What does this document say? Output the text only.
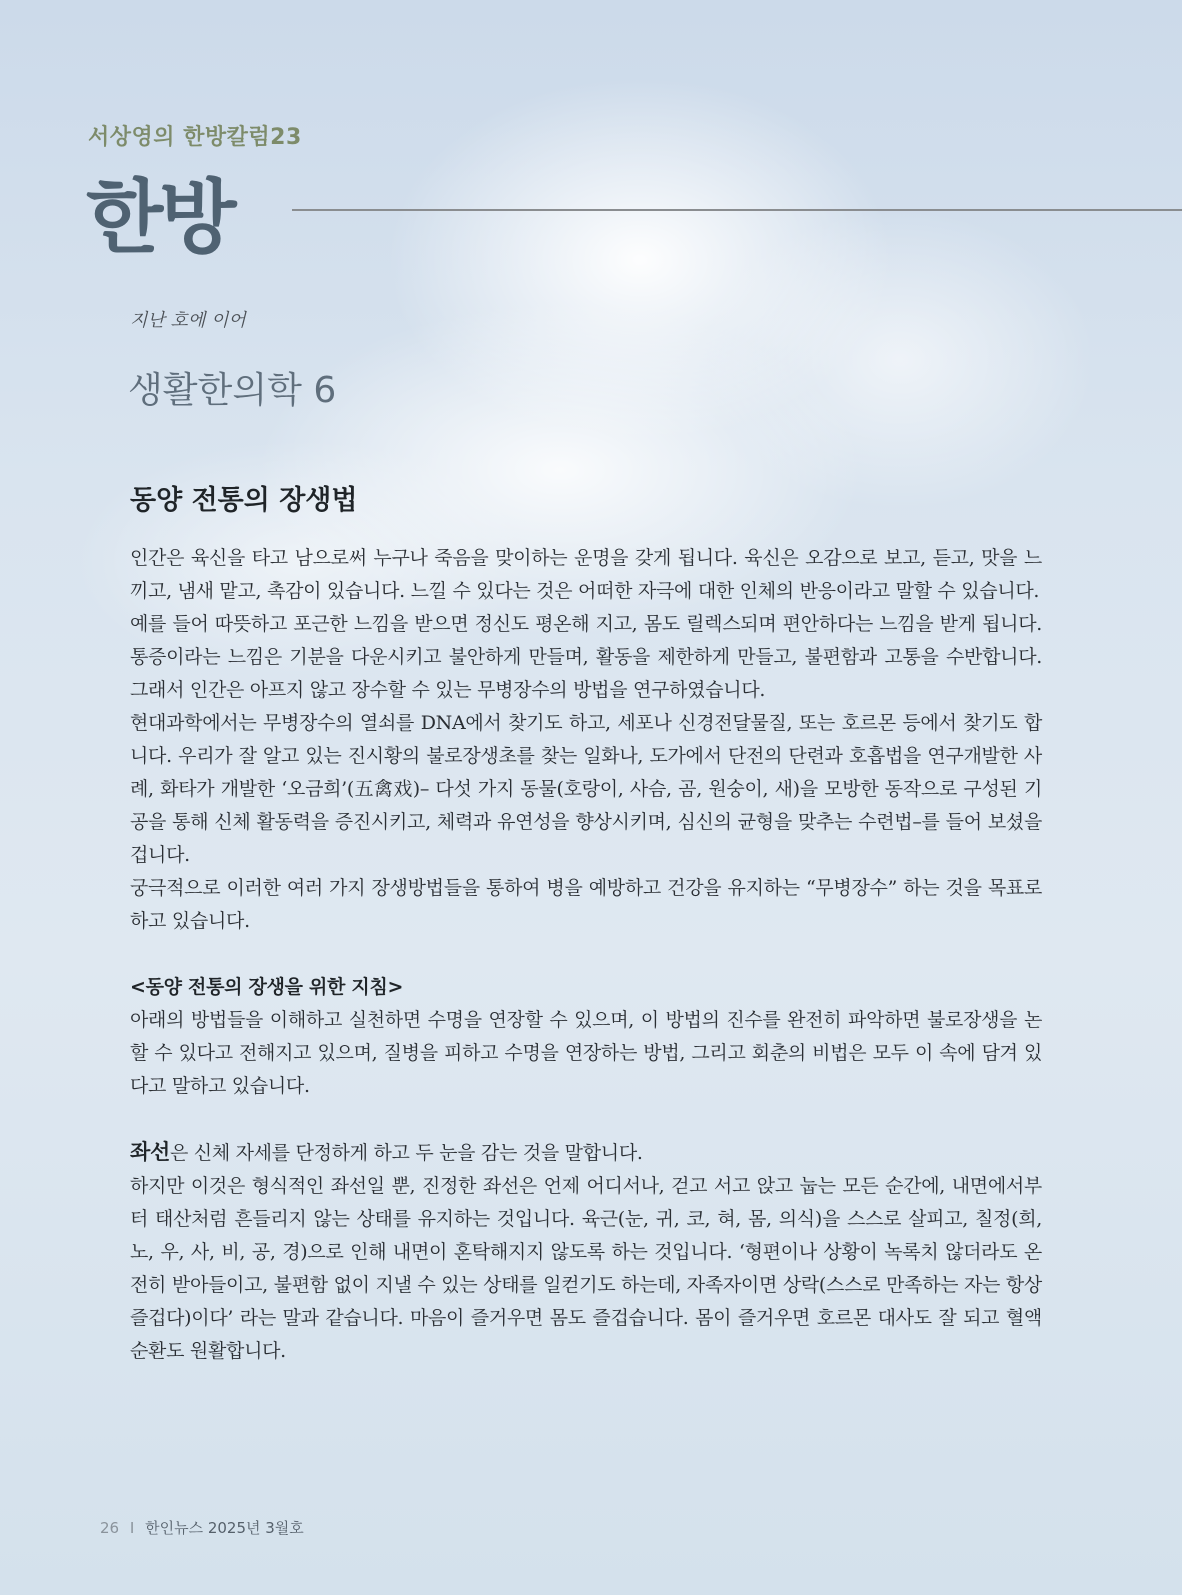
서상영의 한방칼럼23
한방
지난 호에 이어
생활한의학 6
동양 전통의 장생법

인간은 육신을 타고 남으로써 누구나 죽음을 맞이하는 운명을 갖게 됩니다. 육신은 오감으로 보고, 듣고, 맛을 느끼고, 냄새 맡고, 촉감이 있습니다. 느낄 수 있다는 것은 어떠한 자극에 대한 인체의 반응이라고 말할 수 있습니다.

예를 들어 따뜻하고 포근한 느낌을 받으면 정신도 평온해 지고, 몸도 릴렉스되며 편안하다는 느낌을 받게 됩니다. 통증이라는 느낌은 기분을 다운시키고 불안하게 만들며, 활동을 제한하게 만들고, 불편함과 고통을 수반합니다. 그래서 인간은 아프지 않고 장수할 수 있는 무병장수의 방법을 연구하였습니다.

현대과학에서는 무병장수의 열쇠를 DNA에서 찾기도 하고, 세포나 신경전달물질, 또는 호르몬 등에서 찾기도 합니다. 우리가 잘 알고 있는 진시황의 불로장생초를 찾는 일화나, 도가에서 단전의 단련과 호흡법을 연구개발한 사례, 화타가 개발한 ‘오금희’(五禽戏)– 다섯 가지 동물(호랑이, 사슴, 곰, 원숭이, 새)을 모방한 동작으로 구성된 기공을 통해 신체 활동력을 증진시키고, 체력과 유연성을 향상시키며, 심신의 균형을 맞추는 수련법–를 들어 보셨을 겁니다.

궁극적으로 이러한 여러 가지 장생방법들을 통하여 병을 예방하고 건강을 유지하는 “무병장수” 하는 것을 목표로 하고 있습니다.

<동양 전통의 장생을 위한 지침>

아래의 방법들을 이해하고 실천하면 수명을 연장할 수 있으며, 이 방법의 진수를 완전히 파악하면 불로장생을 논할 수 있다고 전해지고 있으며, 질병을 피하고 수명을 연장하는 방법, 그리고 회춘의 비법은 모두 이 속에 담겨 있다고 말하고 있습니다.

좌선은 신체 자세를 단정하게 하고 두 눈을 감는 것을 말합니다.

하지만 이것은 형식적인 좌선일 뿐, 진정한 좌선은 언제 어디서나, 걷고 서고 앉고 눕는 모든 순간에, 내면에서부터 태산처럼 흔들리지 않는 상태를 유지하는 것입니다. 육근(눈, 귀, 코, 혀, 몸, 의식)을 스스로 살피고, 칠정(희, 노, 우, 사, 비, 공, 경)으로 인해 내면이 혼탁해지지 않도록 하는 것입니다. ‘형편이나 상황이 녹록치 않더라도 온전히 받아들이고, 불편함 없이 지낼 수 있는 상태를 일컫기도 하는데, 자족자이면 상락(스스로 만족하는 자는 항상 즐겁다)이다’ 라는 말과 같습니다. 마음이 즐거우면 몸도 즐겁습니다. 몸이 즐거우면 호르몬 대사도 잘 되고 혈액순환도 원활합니다.

26 I 한인뉴스 2025년 3월호
